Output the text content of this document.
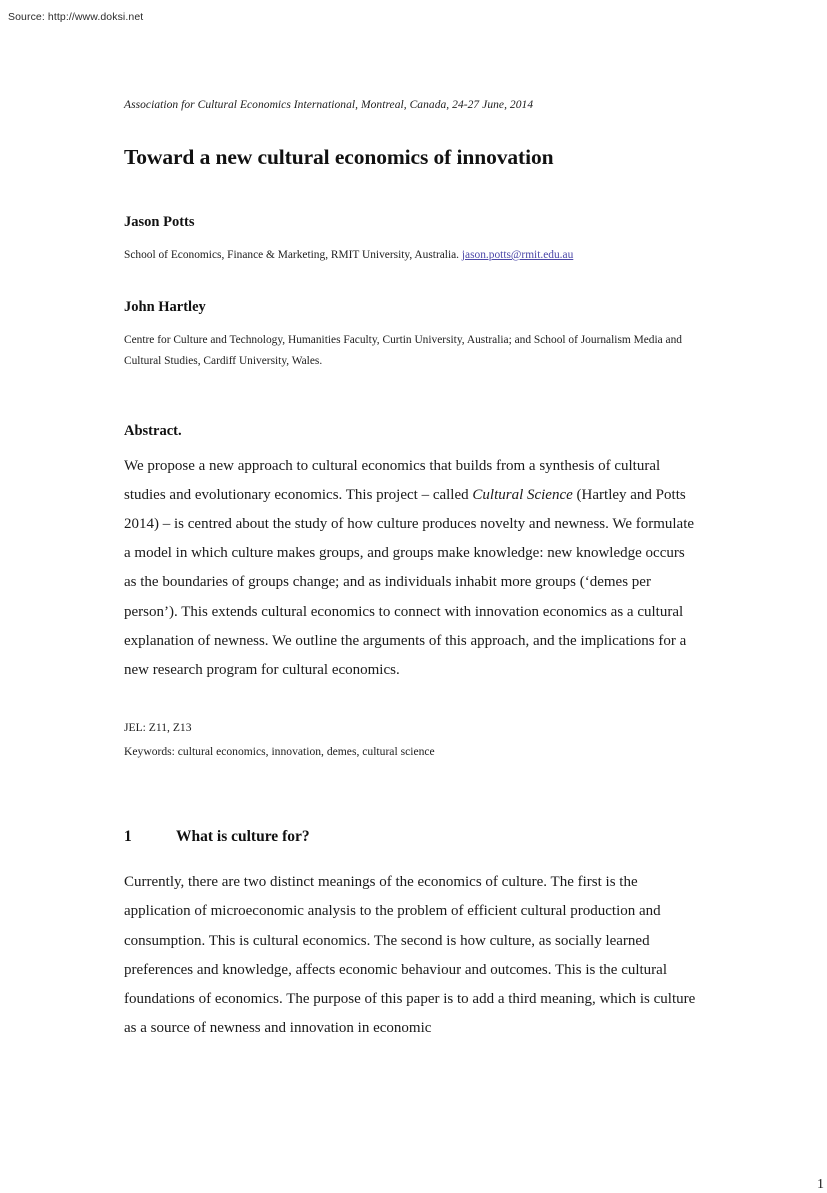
Source: http://www.doksi.net

Association for Cultural Economics International, Montreal, Canada, 24-27 June, 2014

Toward a new cultural economics of innovation
Jason Potts

School of Economics, Finance & Marketing, RMIT University, Australia. jason.potts@rmit.edu.au

John Hartley

Centre for Culture and Technology, Humanities Faculty, Curtin University, Australia; and School of Journalism Media and Cultural Studies, Cardiff University, Wales.

Abstract.

We propose a new approach to cultural economics that builds from a synthesis of cultural studies and evolutionary economics. This project – called Cultural Science (Hartley and Potts 2014) – is centred about the study of how culture produces novelty and newness. We formulate a model in which culture makes groups, and groups make knowledge: new knowledge occurs as the boundaries of groups change; and as individuals inhabit more groups (‘demes per person’). This extends cultural economics to connect with innovation economics as a cultural explanation of newness. We outline the arguments of this approach, and the implications for a new research program for cultural economics.

JEL: Z11, Z13

Keywords: cultural economics, innovation, demes, cultural science

1	What is culture for?

Currently, there are two distinct meanings of the economics of culture. The first is the application of microeconomic analysis to the problem of efficient cultural production and consumption. This is cultural economics. The second is how culture, as socially learned preferences and knowledge, affects economic behaviour and outcomes. This is the cultural foundations of economics. The purpose of this paper is to add a third meaning, which is culture as a source of newness and innovation in economic

1
